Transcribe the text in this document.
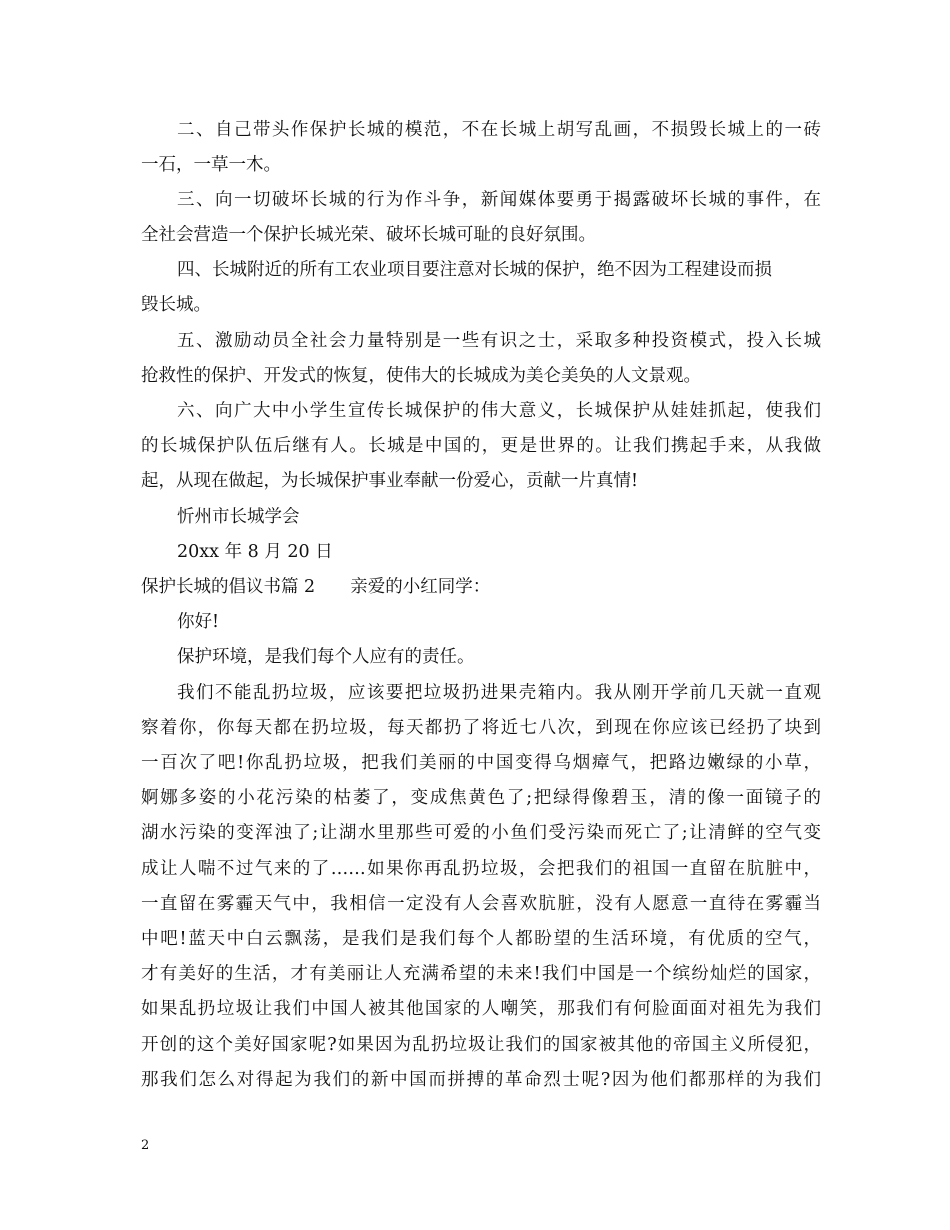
二、自己带头作保护长城的模范，不在长城上胡写乱画，不损毁长城上的一砖
一石，一草一木。
三、向一切破坏长城的行为作斗争，新闻媒体要勇于揭露破坏长城的事件，在
全社会营造一个保护长城光荣、破坏长城可耻的良好氛围。
四、长城附近的所有工农业项目要注意对长城的保护，绝不因为工程建设而损
毁长城。
五、激励动员全社会力量特别是一些有识之士，采取多种投资模式，投入长城
抢救性的保护、开发式的恢复，使伟大的长城成为美仑美奂的人文景观。
六、向广大中小学生宣传长城保护的伟大意义，长城保护从娃娃抓起，使我们
的长城保护队伍后继有人。长城是中国的，更是世界的。让我们携起手来，从我做
起，从现在做起，为长城保护事业奉献一份爱心，贡献一片真情!
忻州市长城学会
20xx 年 8 月 20 日
保护长城的倡议书篇 2　　亲爱的小红同学：
你好!
保护环境，是我们每个人应有的责任。
我们不能乱扔垃圾，应该要把垃圾扔进果壳箱内。我从刚开学前几天就一直观
察着你，你每天都在扔垃圾，每天都扔了将近七八次，到现在你应该已经扔了块到
一百次了吧!你乱扔垃圾，把我们美丽的中国变得乌烟瘴气，把路边嫩绿的小草，
婀娜多姿的小花污染的枯萎了，变成焦黄色了;把绿得像碧玉，清的像一面镜子的
湖水污染的变浑浊了;让湖水里那些可爱的小鱼们受污染而死亡了;让清鲜的空气变
成让人喘不过气来的了……如果你再乱扔垃圾，会把我们的祖国一直留在肮脏中，
一直留在雾霾天气中，我相信一定没有人会喜欢肮脏，没有人愿意一直待在雾霾当
中吧!蓝天中白云飘荡，是我们是我们每个人都盼望的生活环境，有优质的空气，
才有美好的生活，才有美丽让人充满希望的未来!我们中国是一个缤纷灿烂的国家，
如果乱扔垃圾让我们中国人被其他国家的人嘲笑，那我们有何脸面面对祖先为我们
开创的这个美好国家呢?如果因为乱扔垃圾让我们的国家被其他的帝国主义所侵犯，
那我们怎么对得起为我们的新中国而拼搏的革命烈士呢?因为他们都那样的为我们
2
